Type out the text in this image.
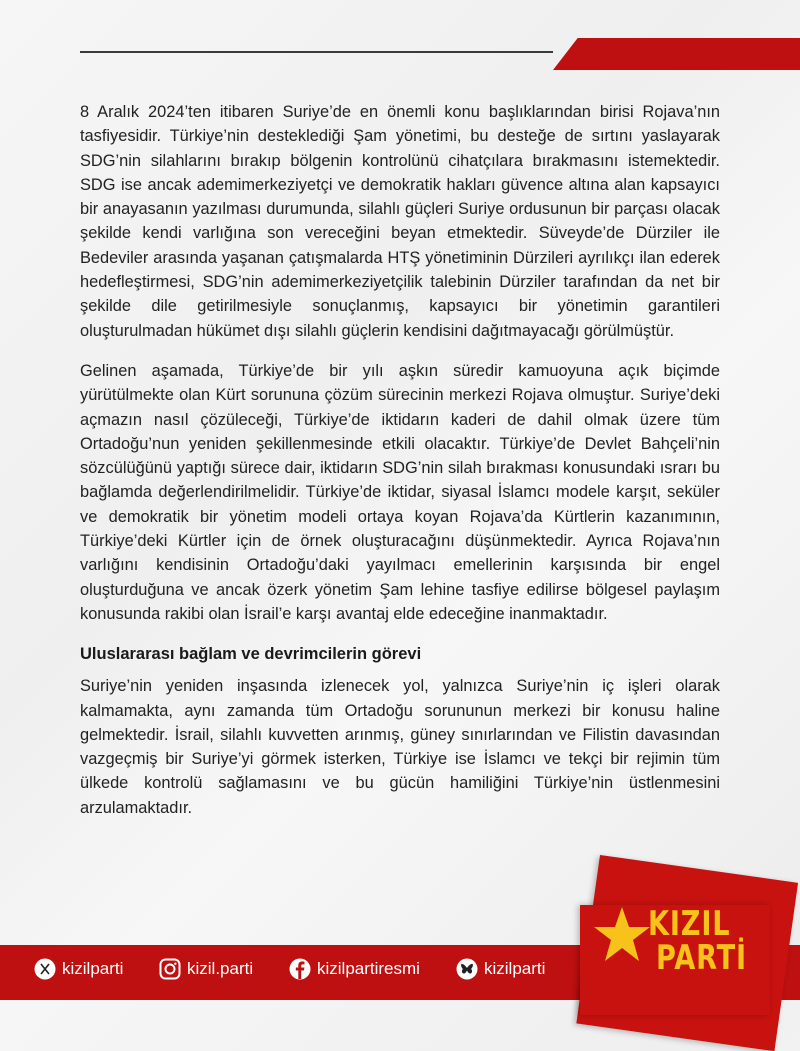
8 Aralık 2024’ten itibaren Suriye’de en önemli konu başlıklarından birisi Rojava’nın tasfiyesidir. Türkiye’nin desteklediği Şam yönetimi, bu desteğe de sırtını yaslayarak SDG’nin silahlarını bırakıp bölgenin kontrolünü cihatçılara bırakmasını istemektedir. SDG ise ancak ademimerkeziyetçi ve demokratik hakları güvence altına alan kapsayıcı bir anayasanın yazılması durumunda, silahlı güçleri Suriye ordusunun bir parçası olacak şekilde kendi varlığına son vereceğini beyan etmektedir. Süveyde’de Dürziler ile Bedeviler arasında yaşanan çatışmalarda HTŞ yönetiminin Dürzileri ayrılıkçı ilan ederek hedefleştirmesi, SDG’nin ademimerkeziyetçilik talebinin Dürziler tarafından da net bir şekilde dile getirilmesiyle sonuçlanmış, kapsayıcı bir yönetimin garantileri oluşturulmadan hükümet dışı silahlı güçlerin kendisini dağıtmayacağı görülmüştür.

Gelinen aşamada, Türkiye’de bir yılı aşkın süredir kamuoyuna açık biçimde yürütülmekte olan Kürt sorununa çözüm sürecinin merkezi Rojava olmuştur. Suriye’deki açmazın nasıl çözüleceği, Türkiye’de iktidarın kaderi de dahil olmak üzere tüm Ortadoğu’nun yeniden şekillenmesinde etkili olacaktır. Türkiye’de Devlet Bahçeli’nin sözcülüğünü yaptığı sürece dair, iktidarın SDG’nin silah bırakması konusundaki ısrarı bu bağlamda değerlendirilmelidir. Türkiye’de iktidar, siyasal İslamcı modele karşıt, seküler ve demokratik bir yönetim modeli ortaya koyan Rojava’da Kürtlerin kazanımının, Türkiye’deki Kürtler için de örnek oluşturacağını düşünmektedir. Ayrıca Rojava’nın varlığını kendisinin Ortadoğu’daki yayılmacı emellerinin karşısında bir engel oluşturduğuna ve ancak özerk yönetim Şam lehine tasfiye edilirse bölgesel paylaşım konusunda rakibi olan İsrail’e karşı avantaj elde edeceğine inanmaktadır.

Uluslararası bağlam ve devrimcilerin görevi

Suriye’nin yeniden inşasında izlenecek yol, yalnızca Suriye’nin iç işleri olarak kalmamakta, aynı zamanda tüm Ortadoğu sorununun merkezi bir konusu haline gelmektedir. İsrail, silahlı kuvvetten arınmış, güney sınırlarından ve Filistin davasından vazgeçmiş bir Suriye’yi görmek isterken, Türkiye ise İslamcı ve tekçi bir rejimin tüm ülkede kontrolü sağlamasını ve bu gücün hamiliğini Türkiye’nin üstlenmesini arzulamaktadır.

kizilparti	kizil.parti	kizilpartiresmi	kizilparti
KIZIL
PARTİ
